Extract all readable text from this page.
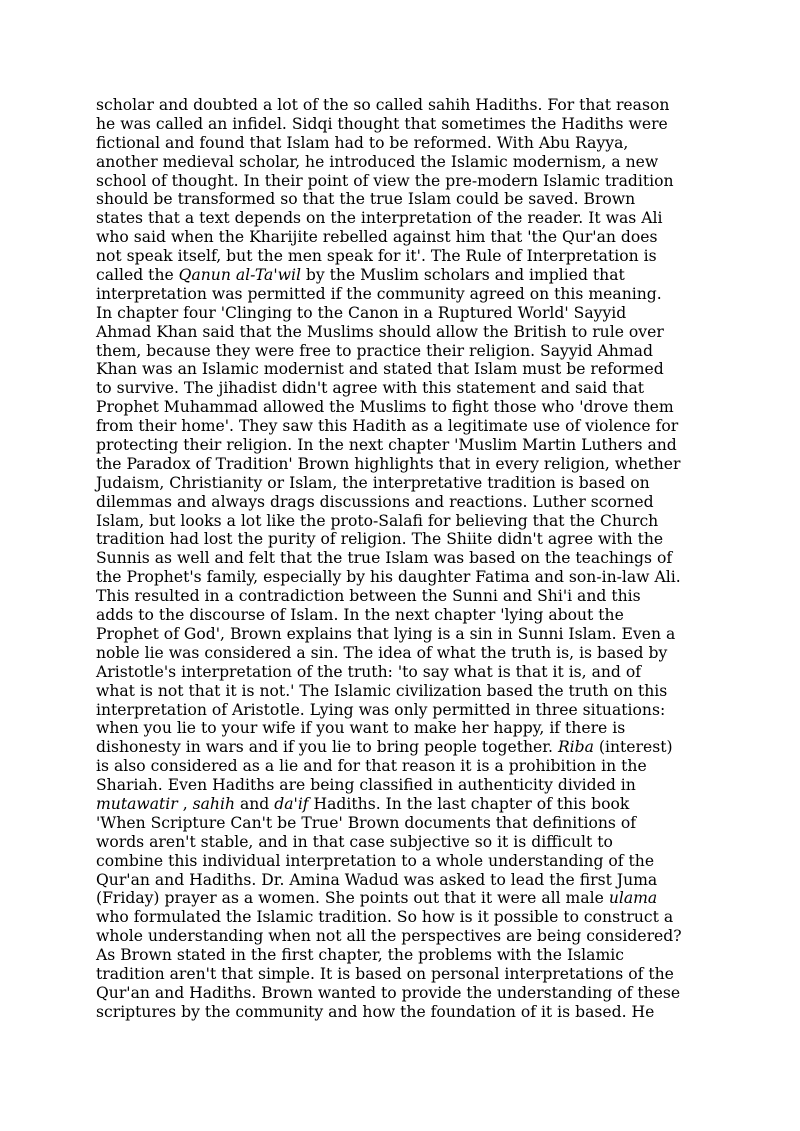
scholar and doubted a lot of the so called sahih Hadiths. For that reason
he was called an infidel. Sidqi thought that sometimes the Hadiths were
fictional and found that Islam had to be reformed. With Abu Rayya,
another medieval scholar, he introduced the Islamic modernism, a new
school of thought. In their point of view the pre-modern Islamic tradition
should be transformed so that the true Islam could be saved. Brown
states that a text depends on the interpretation of the reader. It was Ali
who said when the Kharijite rebelled against him that 'the Qur'an does
not speak itself, but the men speak for it'. The Rule of Interpretation is
called the Qanun al-Ta'wil by the Muslim scholars and implied that
interpretation was permitted if the community agreed on this meaning.
In chapter four 'Clinging to the Canon in a Ruptured World' Sayyid
Ahmad Khan said that the Muslims should allow the British to rule over
them, because they were free to practice their religion. Sayyid Ahmad
Khan was an Islamic modernist and stated that Islam must be reformed
to survive. The jihadist didn't agree with this statement and said that
Prophet Muhammad allowed the Muslims to fight those who 'drove them
from their home'. They saw this Hadith as a legitimate use of violence for
protecting their religion. In the next chapter 'Muslim Martin Luthers and
the Paradox of Tradition' Brown highlights that in every religion, whether
Judaism, Christianity or Islam, the interpretative tradition is based on
dilemmas and always drags discussions and reactions. Luther scorned
Islam, but looks a lot like the proto-Salafi for believing that the Church
tradition had lost the purity of religion. The Shiite didn't agree with the
Sunnis as well and felt that the true Islam was based on the teachings of
the Prophet's family, especially by his daughter Fatima and son-in-law Ali.
This resulted in a contradiction between the Sunni and Shi'i and this
adds to the discourse of Islam. In the next chapter 'lying about the
Prophet of God', Brown explains that lying is a sin in Sunni Islam. Even a
noble lie was considered a sin. The idea of what the truth is, is based by
Aristotle's interpretation of the truth: 'to say what is that it is, and of
what is not that it is not.' The Islamic civilization based the truth on this
interpretation of Aristotle. Lying was only permitted in three situations:
when you lie to your wife if you want to make her happy, if there is
dishonesty in wars and if you lie to bring people together. Riba (interest)
is also considered as a lie and for that reason it is a prohibition in the
Shariah. Even Hadiths are being classified in authenticity divided in
mutawatir , sahih and da'if Hadiths. In the last chapter of this book
'When Scripture Can't be True' Brown documents that definitions of
words aren't stable, and in that case subjective so it is difficult to
combine this individual interpretation to a whole understanding of the
Qur'an and Hadiths. Dr. Amina Wadud was asked to lead the first Juma
(Friday) prayer as a women. She points out that it were all male ulama
who formulated the Islamic tradition. So how is it possible to construct a
whole understanding when not all the perspectives are being considered?
As Brown stated in the first chapter, the problems with the Islamic
tradition aren't that simple. It is based on personal interpretations of the
Qur'an and Hadiths. Brown wanted to provide the understanding of these
scriptures by the community and how the foundation of it is based. He
